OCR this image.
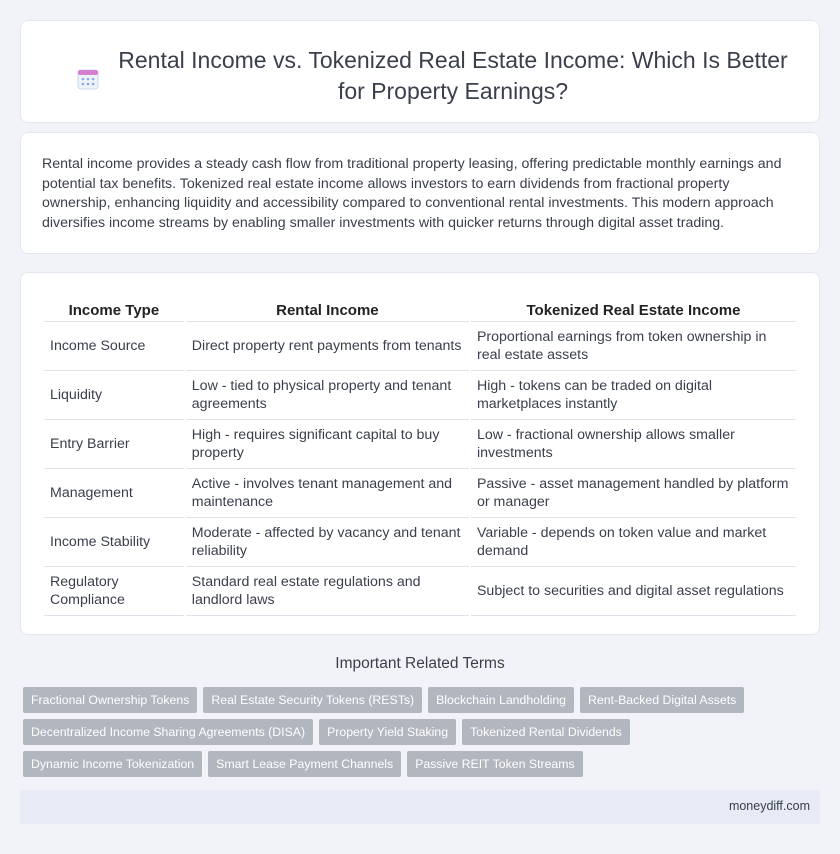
Rental Income vs. Tokenized Real Estate Income: Which Is Better for Property Earnings?

Rental income provides a steady cash flow from traditional property leasing, offering predictable monthly earnings and potential tax benefits. Tokenized real estate income allows investors to earn dividends from fractional property ownership, enhancing liquidity and accessibility compared to conventional rental investments. This modern approach diversifies income streams by enabling smaller investments with quicker returns through digital asset trading.

Income Type	Rental Income	Tokenized Real Estate Income
Income Source	Direct property rent payments from tenants	Proportional earnings from token ownership in real estate assets
Liquidity	Low - tied to physical property and tenant agreements	High - tokens can be traded on digital marketplaces instantly
Entry Barrier	High - requires significant capital to buy property	Low - fractional ownership allows smaller investments
Management	Active - involves tenant management and maintenance	Passive - asset management handled by platform or manager
Income Stability	Moderate - affected by vacancy and tenant reliability	Variable - depends on token value and market demand
Regulatory Compliance	Standard real estate regulations and landlord laws	Subject to securities and digital asset regulations
Important Related Terms
Fractional Ownership Tokens	Real Estate Security Tokens (RESTs)	Blockchain Landholding	Rent-Backed Digital Assets
Decentralized Income Sharing Agreements (DISA)	Property Yield Staking	Tokenized Rental Dividends
Dynamic Income Tokenization	Smart Lease Payment Channels	Passive REIT Token Streams
moneydiff.com
